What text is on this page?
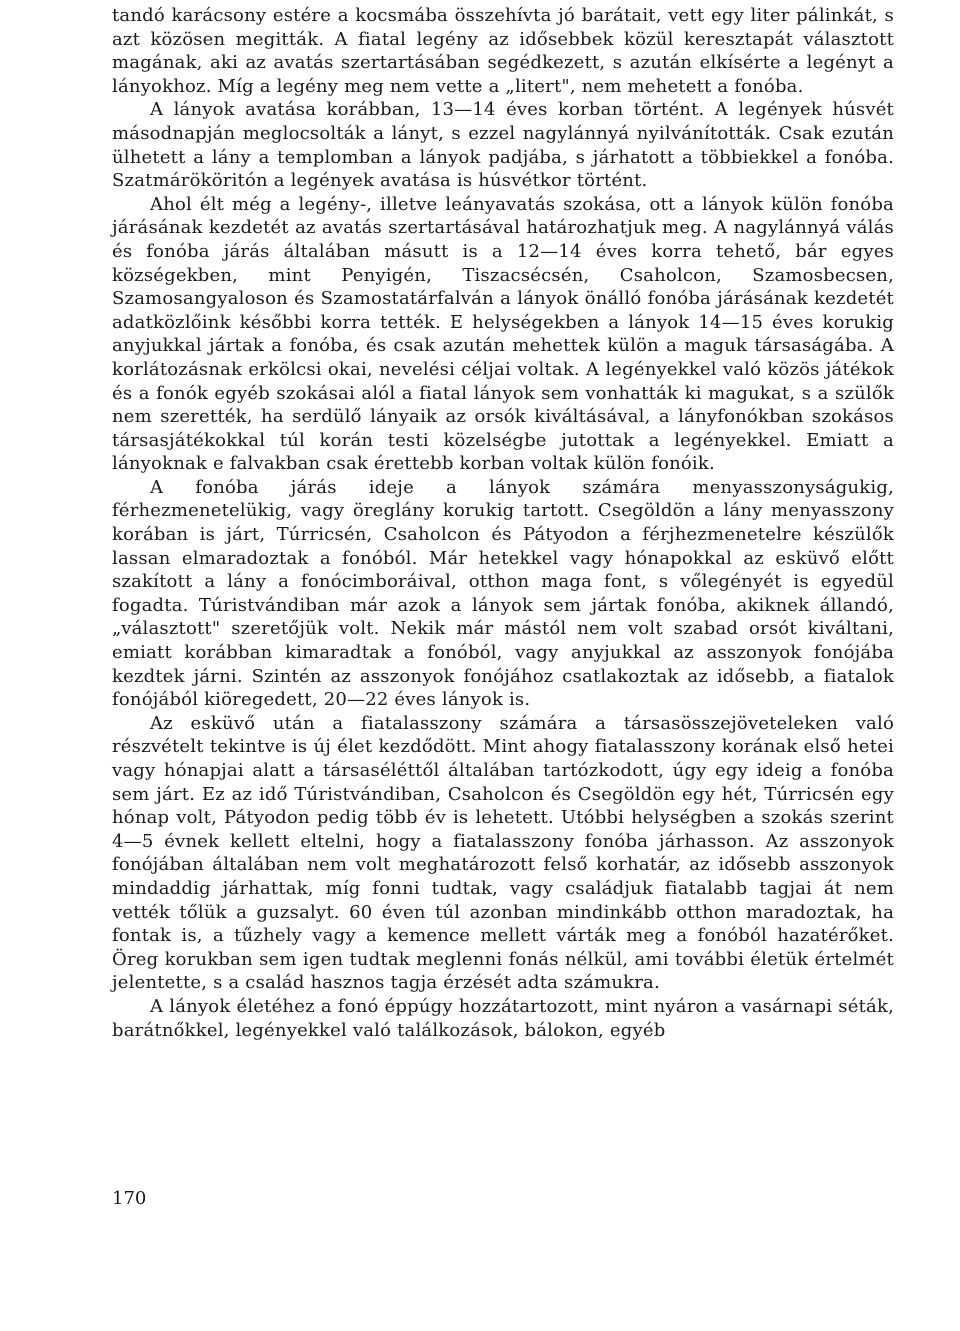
tandó karácsony estére a kocsmába összehívta jó barátait, vett egy liter pálinkát, s azt közösen megitták. A fiatal legény az idősebbek közül keresztapát választott magának, aki az avatás szertartásában segédkezett, s azután elkísérte a legényt a lányokhoz. Míg a legény meg nem vette a „litert", nem mehetett a fonóba.

A lányok avatása korábban, 13—14 éves korban történt. A legények húsvét másodnapján meglocsolták a lányt, s ezzel nagylánnyá nyilvánították. Csak ezután ülhetett a lány a templomban a lányok padjába, s járhatott a többiekkel a fonóba. Szatmárököritón a legények avatása is húsvétkor történt.

Ahol élt még a legény-, illetve leányavatás szokása, ott a lányok külön fonóba járásának kezdetét az avatás szertartásával határozhatjuk meg. A nagylánnyá válás és fonóba járás általában másutt is a 12—14 éves korra tehető, bár egyes községekben, mint Penyigén, Tiszacsécsén, Csaholcon, Szamosbecsen, Szamosangyaloson és Szamostatárfalván a lányok önálló fonóba járásának kezdetét adatközlőink későbbi korra tették. E helységekben a lányok 14—15 éves korukig anyjukkal jártak a fonóba, és csak azután mehettek külön a maguk társaságába. A korlátozásnak erkölcsi okai, nevelési céljai voltak. A legényekkel való közös játékok és a fonók egyéb szokásai alól a fiatal lányok sem vonhatták ki magukat, s a szülők nem szerették, ha serdülő lányaik az orsók kiváltásával, a lányfonókban szokásos társasjátékokkal túl korán testi közelségbe jutottak a legényekkel. Emiatt a lányoknak e falvakban csak érettebb korban voltak külön fonóik.

A fonóba járás ideje a lányok számára menyasszonyságukig, férhezmenetelükig, vagy öreglány korukig tartott. Csegöldön a lány menyasszony korában is járt, Túrricsén, Csaholcon és Pátyodon a férjhezmenetelre készülők lassan elmaradoztak a fonóból. Már hetekkel vagy hónapokkal az esküvő előtt szakított a lány a fonócimboráival, otthon maga font, s vőlegényét is egyedül fogadta. Túristvándiban már azok a lányok sem jártak fonóba, akiknek állandó, „választott" szeretőjük volt. Nekik már mástól nem volt szabad orsót kiváltani, emiatt korábban kimaradtak a fonóból, vagy anyjukkal az asszonyok fonójába kezdtek járni. Szintén az asszonyok fonójához csatlakoztak az idősebb, a fiatalok fonójából kiöregedett, 20—22 éves lányok is.

Az esküvő után a fiatalasszony számára a társasösszejöveteleken való részvételt tekintve is új élet kezdődött. Mint ahogy fiatalasszony korának első hetei vagy hónapjai alatt a társaséléttől általában tartózkodott, úgy egy ideig a fonóba sem járt. Ez az idő Túristvándiban, Csaholcon és Csegöldön egy hét, Túrricsén egy hónap volt, Pátyodon pedig több év is lehetett. Utóbbi helységben a szokás szerint 4—5 évnek kellett eltelni, hogy a fiatalasszony fonóba járhasson. Az asszonyok fonójában általában nem volt meghatározott felső korhatár, az idősebb asszonyok mindaddig járhattak, míg fonni tudtak, vagy családjuk fiatalabb tagjai át nem vették tőlük a guzsalyt. 60 éven túl azonban mindinkább otthon maradoztak, ha fontak is, a tűzhely vagy a kemence mellett várták meg a fonóból hazatérőket. Öreg korukban sem igen tudtak meglenni fonás nélkül, ami további életük értelmét jelentette, s a család hasznos tagja érzését adta számukra.

A lányok életéhez a fonó éppúgy hozzátartozott, mint nyáron a vasárnapi séták, barátnőkkel, legényekkel való találkozások, bálokon, egyéb

170
